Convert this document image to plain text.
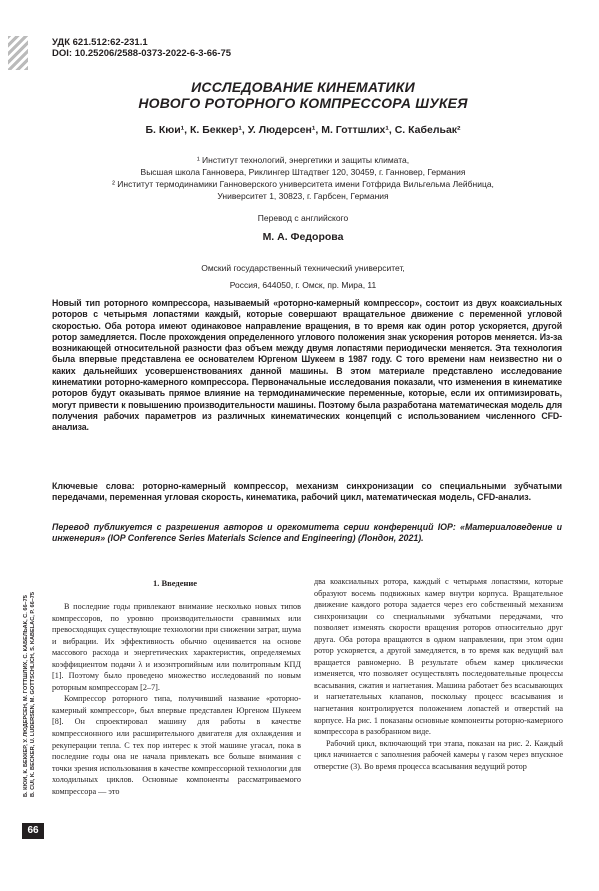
УДК 621.512:62-231.1
DOI: 10.25206/2588-0373-2022-6-3-66-75
ИССЛЕДОВАНИЕ КИНЕМАТИКИ
НОВОГО РОТОРНОГО КОМПРЕССОРА ШУКЕЯ
Б. Кюи¹, К. Беккер¹, У. Людерсен¹, М. Готтшлих¹, С. Кабельак²
¹ Институт технологий, энергетики и защиты климата,
Высшая школа Ганновера, Риклингер Штадтвег 120, 30459, г. Ганновер, Германия
² Институт термодинамики Ганноверского университета имени Готфрида Вильгельма Лейбница,
Университет 1, 30823, г. Гарбсен, Германия
Перевод с английского
М. А. Федорова
Омский государственный технический университет,
Россия, 644050, г. Омск, пр. Мира, 11
Новый тип роторного компрессора, называемый «роторно-камерный компрессор», состоит из двух коаксиальных роторов с четырьмя лопастями каждый, которые совершают вращательное движение с переменной угловой скоростью. Оба ротора имеют одинаковое направление вращения, в то время как один ротор ускоряется, другой ротор замедляется. После прохождения определенного углового положения знак ускорения роторов меняется. Из-за возникающей относительной разности фаз объем между двумя лопастями периодически меняется. Эта технология была впервые представлена ее основателем Юргеном Шукеем в 1987 году. С того времени нам неизвестно ни о каких дальнейших усовершенствованиях данной машины. В этом материале представлено исследование кинематики роторно-камерного компрессора. Первоначальные исследования показали, что изменения в кинематике роторов будут оказывать прямое влияние на термодинамические переменные, которые, если их оптимизировать, могут привести к повышению производительности машины. Поэтому была разработана математическая модель для получения рабочих параметров из различных кинематических концепций с использованием численного CFD-анализа.
Ключевые слова: роторно-камерный компрессор, механизм синхронизации со специальными зубчатыми передачами, переменная угловая скорость, кинематика, рабочий цикл, математическая модель, CFD-анализ.
Перевод публикуется с разрешения авторов и оргкомитета серии конференций IOP: «Материаловедение и инженерия» (IOP Conference Series Materials Science and Engineering) (Лондон, 2021).
1. Введение

В последние годы привлекают внимание несколько новых типов компрессоров, по уровню производительности сравнимых или превосходящих существующие технологии при снижении затрат, шума и вибрации. Их эффективность обычно оценивается на основе массового расхода и энергетических характеристик, определяемых коэффициентом подачи λ и изоэнтропийным или политропным КПД [1]. Поэтому было проведено множество исследований по новым роторным компрессорам [2–7].

Компрессор роторного типа, получивший название «роторно-камерный компрессор», был впервые представлен Юргеном Шукеем [8]. Он спроектировал машину для работы в качестве компрессионного или расширительного двигателя для охлаждения и рекуперации тепла. С тех пор интерес к этой машине угасал, пока в последние годы она не начала привлекать все больше внимания с точки зрения использования в качестве компрессорной технологии для холодильных циклов. Основные компоненты рассматриваемого компрессора — это

два коаксиальных ротора, каждый с четырьмя лопастями, которые образуют восемь подвижных камер внутри корпуса. Вращательное движение каждого ротора задается через его собственный механизм синхронизации со специальными зубчатыми передачами, что позволяет изменять скорости вращения роторов относительно друг друга. Оба ротора вращаются в одном направлении, при этом один ротор ускоряется, а другой замедляется, в то время как ведущий вал вращается равномерно. В результате объем камер циклически изменяется, что позволяет осуществлять последовательные процессы всасывания, сжатия и нагнетания. Машина работает без всасывающих и нагнетательных клапанов, поскольку процесс всасывания и нагнетания контролируется положением лопастей и отверстий на корпусе. На рис. 1 показаны основные компоненты роторно-камерного компрессора в разобранном виде.

Рабочий цикл, включающий три этапа, показан на рис. 2. Каждый цикл начинается с заполнения рабочей камеры γ газом через впускное отверстие (3). Во время процесса всасывания ведущий ротор

Б. КЮИ, К. БЕККЕР, У. ЛЮДЕРСЕН, М. ГОТТШЛИХ, С. КАБЕЛЬАК, С. 66–75 B. CUI, K. BECKER, U. LUDERSEN, M. GOTTSCHLICH, S. KABELAC, P. 66–75
66
